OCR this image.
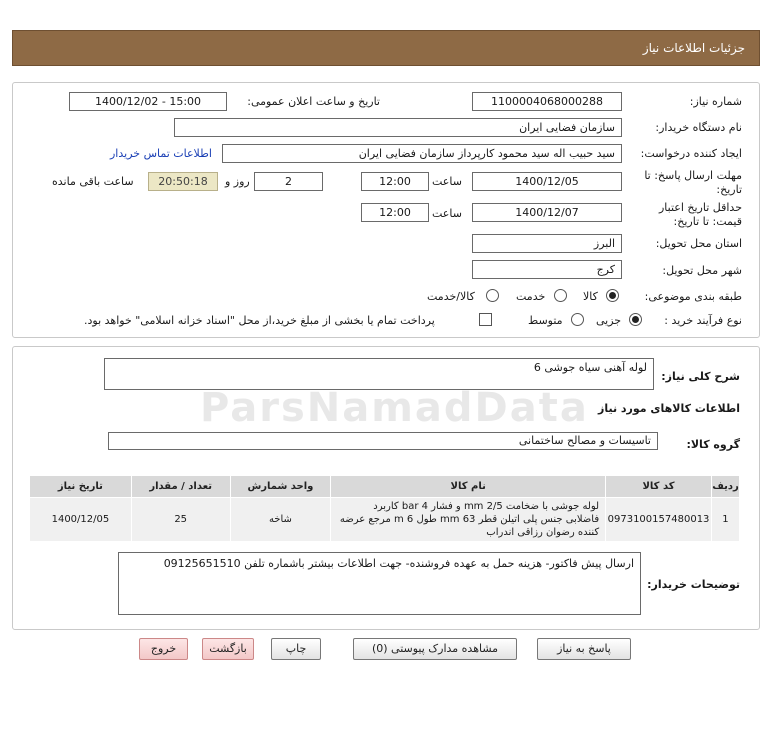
جزئیات اطلاعات نیاز
شماره نیاز:
1100004068000288
تاریخ و ساعت اعلان عمومی:
1400/12/02 - 15:00
نام دستگاه خریدار:
سازمان فضایی ایران
ایجاد کننده درخواست:
سید حبیب اله سید محمود کارپرداز سازمان فضایی ایران
اطلاعات تماس خریدار
مهلت ارسال پاسخ: تا
تاریخ:
1400/12/05
ساعت
12:00
2
روز و
20:50:18
ساعت باقی مانده
حداقل تاریخ اعتبار
قیمت: تا تاریخ:
1400/12/07
ساعت
12:00
استان محل تحویل:
البرز
شهر محل تحویل:
کرج
طبقه بندی موضوعی:
کالا
خدمت
کالا/خدمت
نوع فرآیند خرید :
جزیی
متوسط
پرداخت تمام یا بخشی از مبلغ خرید،از محل "اسناد خزانه اسلامی" خواهد بود.
شرح کلی نیاز:
لوله آهنی سیاه جوشی 6
اطلاعات کالاهای مورد نیاز
گروه کالا:
تاسیسات و مصالح ساختمانی
ParsNamadData
ردیف	کد کالا	نام کالا	واحد شمارش	تعداد / مقدار	تاریخ نیاز
1	0973100157480013	لوله جوشی با ضخامت mm 2/5 و فشار bar 4 کاربرد فاضلابی جنس پلی اتیلن قطر mm 63 طول m 6 مرجع عرضه کننده رضوان رزاقی اندراب	شاخه	25	1400/12/05
توضیحات خریدار:
ارسال پیش فاکتور- هزینه حمل به عهده فروشنده- جهت اطلاعات بیشتر باشماره تلفن 09125651510
پاسخ به نیاز
مشاهده مدارک پیوستی (0)
چاپ
بازگشت
خروج
